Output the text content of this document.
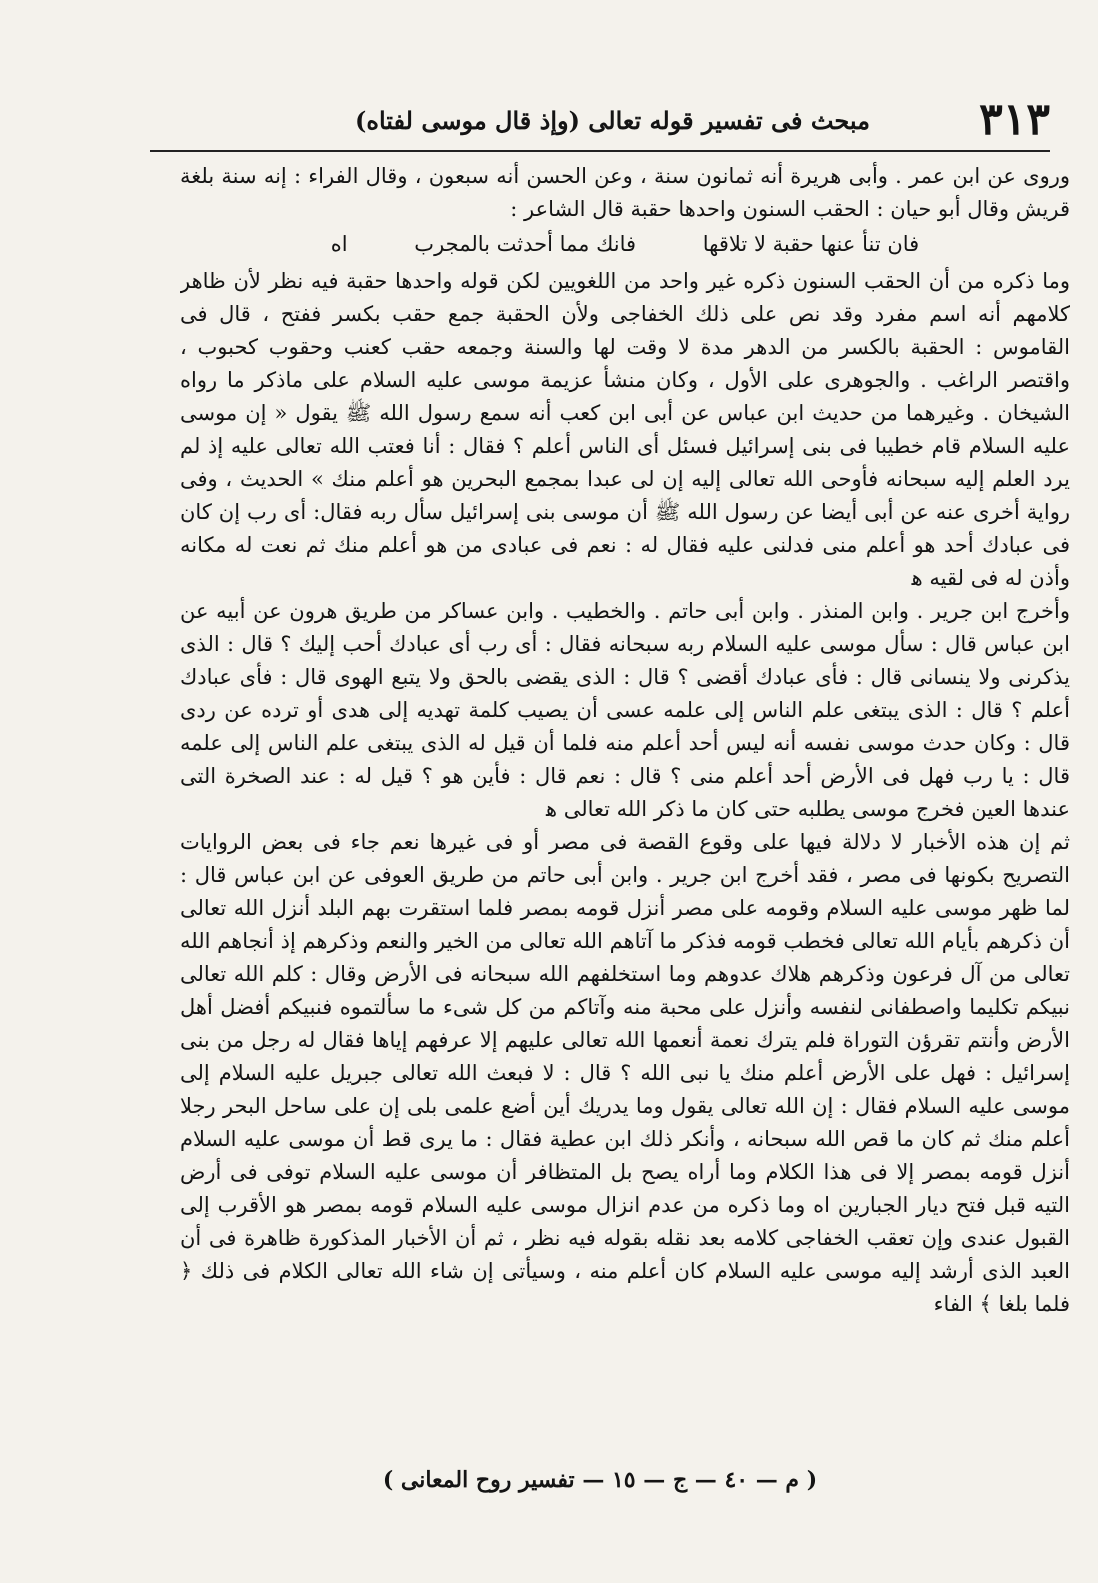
٣١٣
مبحث فى تفسير قوله تعالى (وإذ قال موسى لفتاه)

وروى عن ابن عمر . وأبى هريرة أنه ثمانون سنة ، وعن الحسن أنه سبعون ، وقال الفراء : إنه سنة بلغة قريش وقال أبو حيان : الحقب السنون واحدها حقبة قال الشاعر :

فان تنأ عنها حقبة لا تلاقها فانك مما أحدثت بالمجرب اه

وما ذكره من أن الحقب السنون ذكره غير واحد من اللغويين لكن قوله واحدها حقبة فيه نظر لأن ظاهر كلامهم أنه اسم مفرد وقد نص على ذلك الخفاجى ولأن الحقبة جمع حقب بكسر ففتح ، قال فى القاموس : الحقبة بالكسر من الدهر مدة لا وقت لها والسنة وجمعه حقب كعنب وحقوب كحبوب ، واقتصر الراغب . والجوهرى على الأول ، وكان منشأ عزيمة موسى عليه السلام على ماذكر ما رواه الشيخان . وغيرهما من حديث ابن عباس عن أبى ابن كعب أنه سمع رسول الله ﷺ يقول « إن موسى عليه السلام قام خطيبا فى بنى إسرائيل فسئل أى الناس أعلم ؟ فقال : أنا فعتب الله تعالى عليه إذ لم يرد العلم إليه سبحانه فأوحى الله تعالى إليه إن لى عبدا بمجمع البحرين هو أعلم منك » الحديث ، وفى رواية أخرى عنه عن أبى أيضا عن رسول الله ﷺ أن موسى بنى إسرائيل سأل ربه فقال: أى رب إن كان فى عبادك أحد هو أعلم منى فدلنى عليه فقال له : نعم فى عبادى من هو أعلم منك ثم نعت له مكانه وأذن له فى لقيه ﻫ

وأخرج ابن جرير . وابن المنذر . وابن أبى حاتم . والخطيب . وابن عساكر من طريق هرون عن أبيه عن ابن عباس قال : سأل موسى عليه السلام ربه سبحانه فقال : أى رب أى عبادك أحب إليك ؟ قال : الذى يذكرنى ولا ينسانى قال : فأى عبادك أقضى ؟ قال : الذى يقضى بالحق ولا يتبع الهوى قال : فأى عبادك أعلم ؟ قال : الذى يبتغى علم الناس إلى علمه عسى أن يصيب كلمة تهديه إلى هدى أو ترده عن ردى قال : وكان حدث موسى نفسه أنه ليس أحد أعلم منه فلما أن قيل له الذى يبتغى علم الناس إلى علمه قال : يا رب فهل فى الأرض أحد أعلم منى ؟ قال : نعم قال : فأين هو ؟ قيل له : عند الصخرة التى عندها العين فخرج موسى يطلبه حتى كان ما ذكر الله تعالى ﻫ

ثم إن هذه الأخبار لا دلالة فيها على وقوع القصة فى مصر أو فى غيرها نعم جاء فى بعض الروايات التصريح بكونها فى مصر ، فقد أخرج ابن جرير . وابن أبى حاتم من طريق العوفى عن ابن عباس قال : لما ظهر موسى عليه السلام وقومه على مصر أنزل قومه بمصر فلما استقرت بهم البلد أنزل الله تعالى أن ذكرهم بأيام الله تعالى فخطب قومه فذكر ما آتاهم الله تعالى من الخير والنعم وذكرهم إذ أنجاهم الله تعالى من آل فرعون وذكرهم هلاك عدوهم وما استخلفهم الله سبحانه فى الأرض وقال : كلم الله تعالى نبيكم تكليما واصطفانى لنفسه وأنزل على محبة منه وآتاكم من كل شىء ما سألتموه فنبيكم أفضل أهل الأرض وأنتم تقرؤن التوراة فلم يترك نعمة أنعمها الله تعالى عليهم إلا عرفهم إياها فقال له رجل من بنى إسرائيل : فهل على الأرض أعلم منك يا نبى الله ؟ قال : لا فبعث الله تعالى جبريل عليه السلام إلى موسى عليه السلام فقال : إن الله تعالى يقول وما يدريك أين أضع علمى بلى إن على ساحل البحر رجلا أعلم منك ثم كان ما قص الله سبحانه ، وأنكر ذلك ابن عطية فقال : ما يرى قط أن موسى عليه السلام أنزل قومه بمصر إلا فى هذا الكلام وما أراه يصح بل المتظافر أن موسى عليه السلام توفى فى أرض التيه قبل فتح ديار الجبارين اه وما ذكره من عدم انزال موسى عليه السلام قومه بمصر هو الأقرب إلى القبول عندى وإن تعقب الخفاجى كلامه بعد نقله بقوله فيه نظر ، ثم أن الأخبار المذكورة ظاهرة فى أن العبد الذى أرشد إليه موسى عليه السلام كان أعلم منه ، وسيأتى إن شاء الله تعالى الكلام فى ذلك ﴿ فلما بلغا ﴾ الفاء

( م — ٤٠ — ج — ١٥ — تفسير روح المعانى )
